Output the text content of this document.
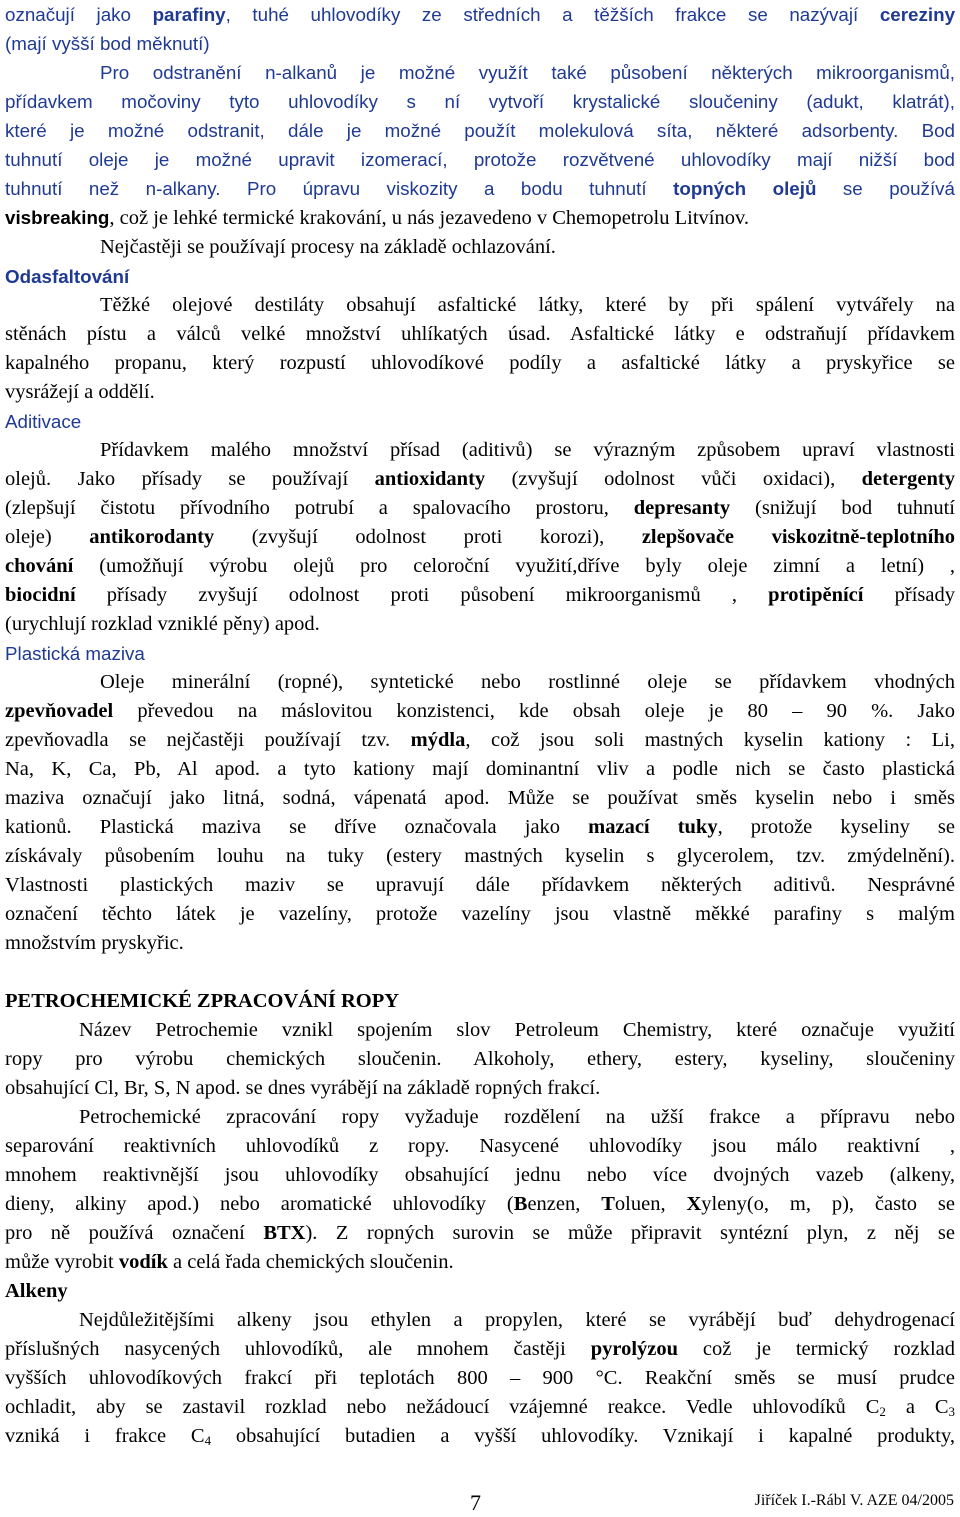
označují jako parafiny, tuhé uhlovodíky ze středních a těžších frakce se nazývají cereziny
(mají vyšší bod měknutí)
Pro odstranění n-alkanů je možné využít také působení některých mikroorganismů,
přídavkem močoviny tyto uhlovodíky s ní vytvoří krystalické sloučeniny (adukt, klatrát),
které je možné odstranit, dále je možné použít molekulová síta, některé adsorbenty. Bod
tuhnutí oleje je možné upravit izomerací, protože rozvětvené uhlovodíky mají nižší bod
tuhnutí než n-alkany. Pro úpravu viskozity a bodu tuhnutí topných olejů se používá
visbreaking, což je lehké termické krakování, u nás jezavedeno v Chemopetrolu Litvínov.
Nejčastěji se používají procesy na základě ochlazování.
Odasfaltování
Těžké olejové destiláty obsahují asfaltické látky, které by při spálení vytvářely na
stěnách pístu a válců velké množství uhlíkatých úsad. Asfaltické látky e odstraňují přídavkem
kapalného propanu, který rozpustí uhlovodíkové podíly a asfaltické látky a pryskyřice se
vysrážejí a oddělí.
Aditivace
Přídavkem malého množství přísad (aditivů) se výrazným způsobem upraví vlastnosti
olejů. Jako přísady se používají antioxidanty (zvyšují odolnost vůči oxidaci), detergenty
(zlepšují čistotu přívodního potrubí a spalovacího prostoru, depresanty (snižují bod tuhnutí
oleje) antikorodanty (zvyšují odolnost proti korozi), zlepšovače viskozitně-teplotního
chování (umožňují výrobu olejů pro celoroční využití,dříve byly oleje zimní a letní) ,
biocidní přísady zvyšují odolnost proti působení mikroorganismů , protipěnící přísady
(urychlují rozklad vzniklé pěny) apod.
Plastická maziva
Oleje minerální (ropné), syntetické nebo rostlinné oleje se přídavkem vhodných
zpevňovadel převedou na máslovitou konzistenci, kde obsah oleje je 80 – 90 %. Jako
zpevňovadla se nejčastěji používají tzv. mýdla, což jsou soli mastných kyselin kationy : Li,
Na, K, Ca, Pb, Al apod. a tyto kationy mají dominantní vliv a podle nich se často plastická
maziva označují jako litná, sodná, vápenatá apod. Může se používat směs kyselin nebo i směs
kationů. Plastická maziva se dříve označovala jako mazací tuky, protože kyseliny se
získávaly působením louhu na tuky (estery mastných kyselin s glycerolem, tzv. zmýdelnění).
Vlastnosti plastických maziv se upravují dále přídavkem některých aditivů. Nesprávné
označení těchto látek je vazelíny, protože vazelíny jsou vlastně měkké parafiny s malým
množstvím pryskyřic.
PETROCHEMICKÉ ZPRACOVÁNÍ ROPY
Název Petrochemie vznikl spojením slov Petroleum Chemistry, které označuje využití
ropy pro výrobu chemických sloučenin. Alkoholy, ethery, estery, kyseliny, sloučeniny
obsahující Cl, Br, S, N apod. se dnes vyrábějí na základě ropných frakcí.
Petrochemické zpracování ropy vyžaduje rozdělení na užší frakce a přípravu nebo
separování reaktivních uhlovodíků z ropy. Nasycené uhlovodíky jsou málo reaktivní ,
mnohem reaktivnější jsou uhlovodíky obsahující jednu nebo více dvojných vazeb (alkeny,
dieny, alkiny apod.) nebo aromatické uhlovodíky (Benzen, Toluen, Xyleny(o, m, p), často se
pro ně používá označení BTX). Z ropných surovin se může připravit syntézní plyn, z něj se
může vyrobit vodík a celá řada chemických sloučenin.
Alkeny
Nejdůležitějšími alkeny jsou ethylen a propylen, které se vyrábějí buď dehydrogenací
příslušných nasycených uhlovodíků, ale mnohem častěji pyrolýzou což je termický rozklad
vyšších uhlovodíkových frakcí při teplotách 800 – 900 °C. Reakční směs se musí prudce
ochladit, aby se zastavil rozklad nebo nežádoucí vzájemné reakce. Vedle uhlovodíků $C_2$ a $C_3$
vzniká i frakce $C_4$ obsahující butadien a vyšší uhlovodíky. Vznikají i kapalné produkty,
7	Jiříček I.-Rábl V. AZE 04/2005
